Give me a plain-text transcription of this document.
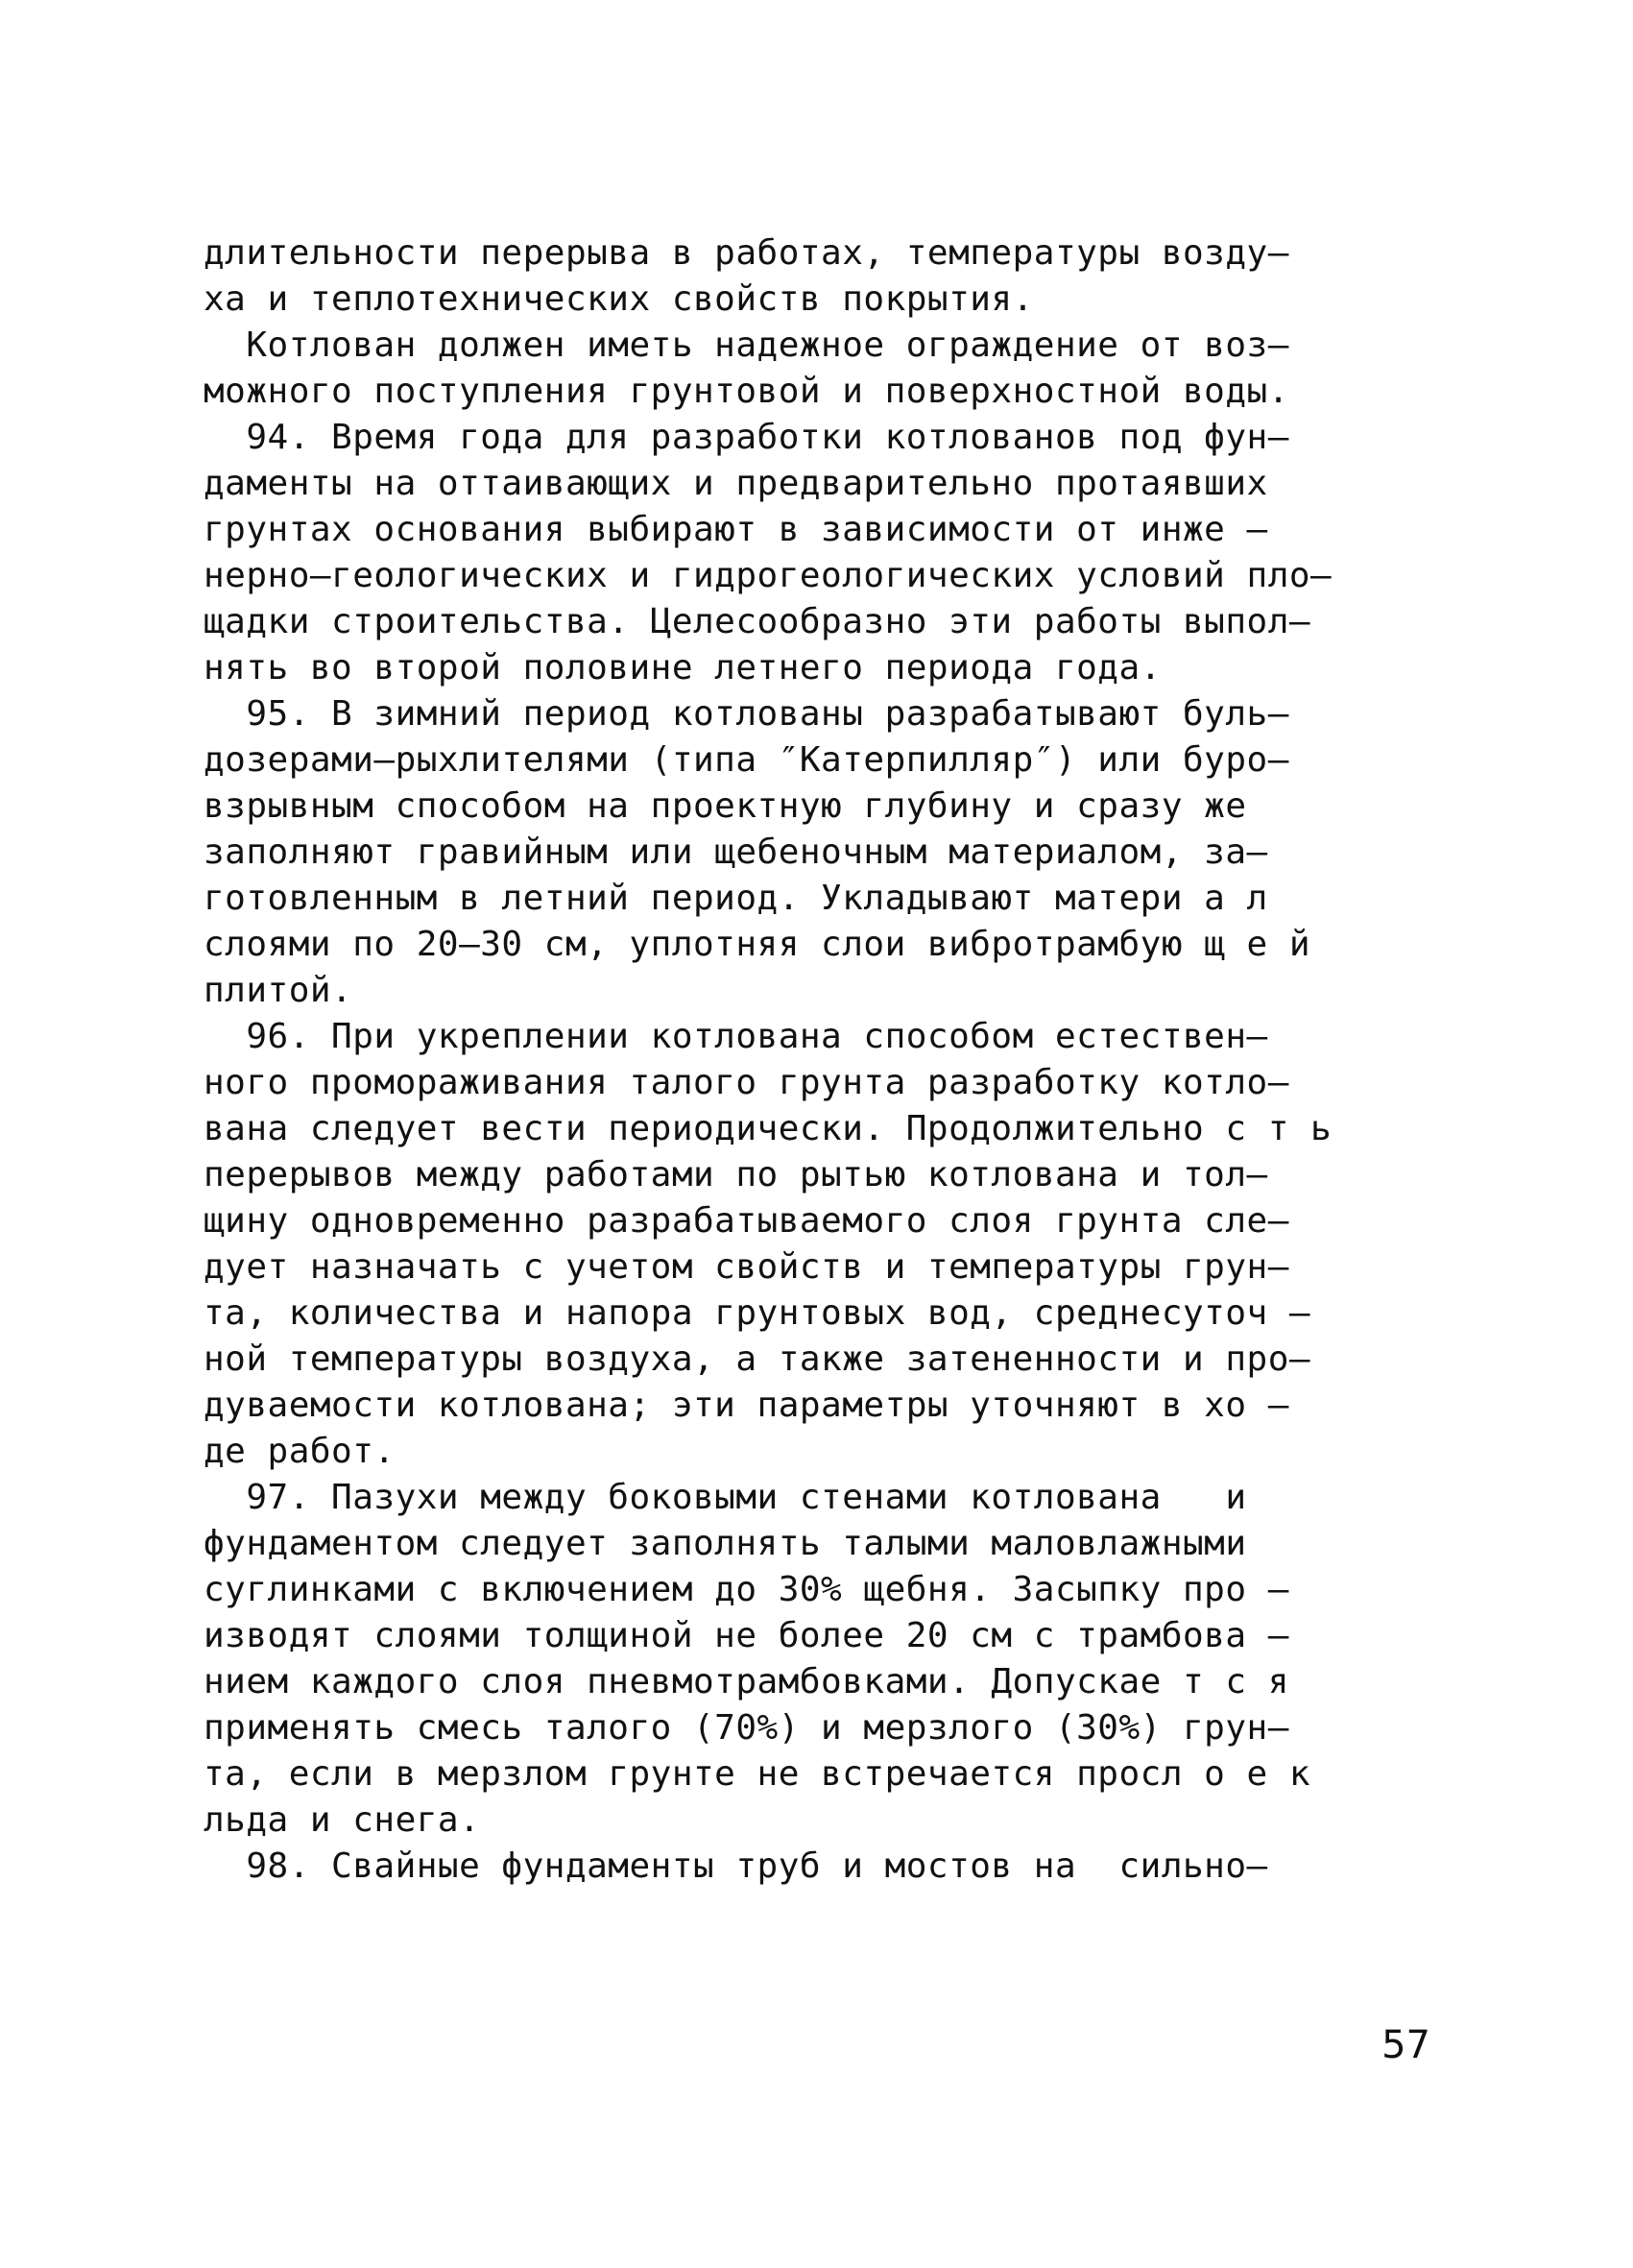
длительности перерыва в работах, температуры возду–
ха и теплотехнических свойств покрытия.
Котлован должен иметь надежное ограждение от воз–
можного поступления грунтовой и поверхностной воды.
94. Время года для разработки котлованов под фун–
даменты на оттаивающих и предварительно протаявших
грунтах основания выбирают в зависимости от инже –
нерно–геологических и гидрогеологических условий пло–
щадки строительства. Целесообразно эти работы выпол–
нять во второй половине летнего периода года.
95. В зимний период котлованы разрабатывают буль–
дозерами–рыхлителями (типа ″Катерпилляр″) или буро–
взрывным способом на проектную глубину и сразу же
заполняют гравийным или щебеночным материалом, за–
готовленным в летний период. Укладывают матери а л
слоями по 20–30 см, уплотняя слои вибротрамбую щ е й
плитой.
96. При укреплении котлована способом естествен–
ного промораживания талого грунта разработку котло–
вана следует вести периодически. Продолжительно с т ь
перерывов между работами по рытью котлована и тол–
щину одновременно разрабатываемого слоя грунта сле–
дует назначать с учетом свойств и температуры грун–
та, количества и напора грунтовых вод, среднесуточ –
ной температуры воздуха, а также затененности и про–
дуваемости котлована; эти параметры уточняют в хо –
де работ.
97. Пазухи между боковыми стенами котлована   и
фундаментом следует заполнять талыми маловлажными
суглинками с включением до 30% щебня. Засыпку про –
изводят слоями толщиной не более 20 см с трамбова –
нием каждого слоя пневмотрамбовками. Допускае т с я
применять смесь талого (70%) и мерзлого (30%) грун–
та, если в мерзлом грунте не встречается просл о е к
льда и снега.
98. Свайные фундаменты труб и мостов на  сильно–
57
